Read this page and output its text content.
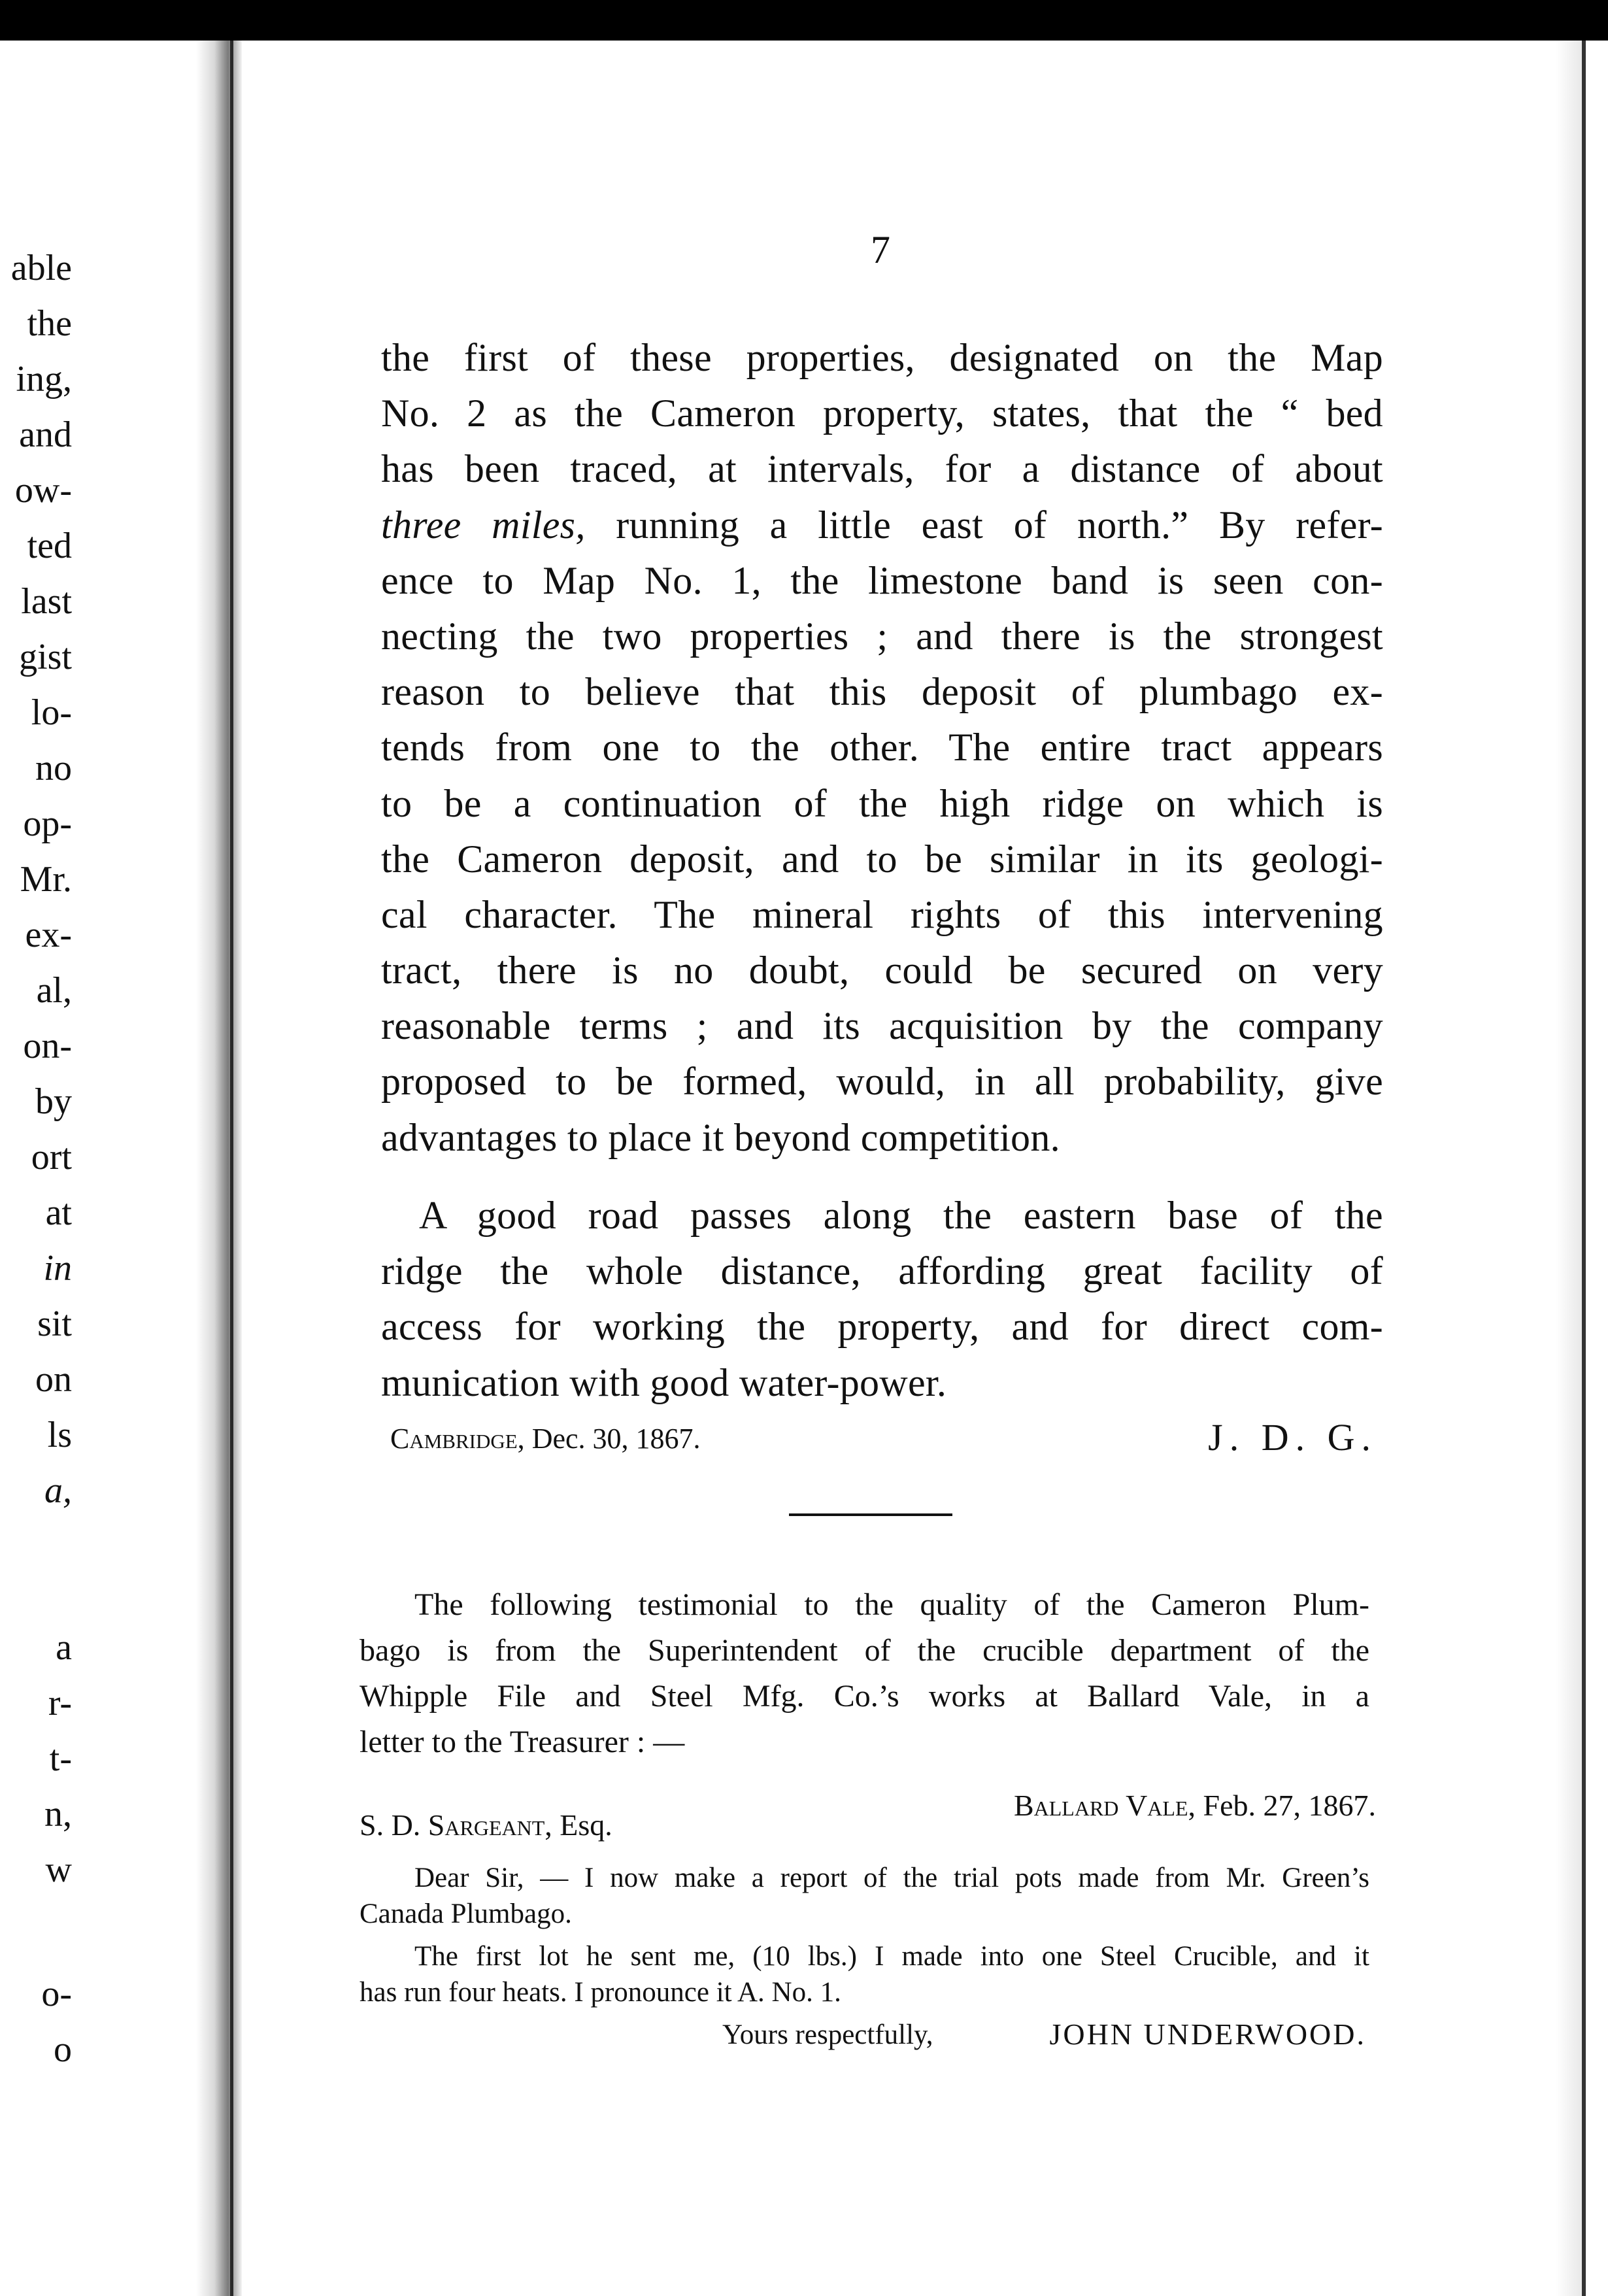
able
the
ing,
and
ow-
ted
last
gist
lo-
no
op-
Mr.
ex-
al,
on-
by
ort
at
in
sit
on
ls
a,
a
r-
t-
n,
w
o-
o
7
the first of these properties, designated on the Map
No. 2 as the Cameron property, states, that the “ bed
has been traced, at intervals, for a distance of about
three miles, running a little east of north.” By refer-
ence to Map No. 1, the limestone band is seen con-
necting the two properties ; and there is the strongest
reason to believe that this deposit of plumbago ex-
tends from one to the other. The entire tract appears
to be a continuation of the high ridge on which is
the Cameron deposit, and to be similar in its geologi-
cal character. The mineral rights of this intervening
tract, there is no doubt, could be secured on very
reasonable terms ; and its acquisition by the company
proposed to be formed, would, in all probability, give
advantages to place it beyond competition.
A good road passes along the eastern base of the
ridge the whole distance, affording great facility of
access for working the property, and for direct com-
munication with good water-power.
Cambridge, Dec. 30, 1867.	J. D. G.
The following testimonial to the quality of the Cameron Plum-
bago is from the Superintendent of the crucible department of the
Whipple File and Steel Mfg. Co.’s works at Ballard Vale, in a
letter to the Treasurer : —
Ballard Vale, Feb. 27, 1867.
S. D. Sargeant, Esq.
Dear Sir, — I now make a report of the trial pots made from Mr. Green’s
Canada Plumbago.
The first lot he sent me, (10 lbs.) I made into one Steel Crucible, and it
has run four heats. I pronounce it A. No. 1.
Yours respectfully,	JOHN UNDERWOOD.
